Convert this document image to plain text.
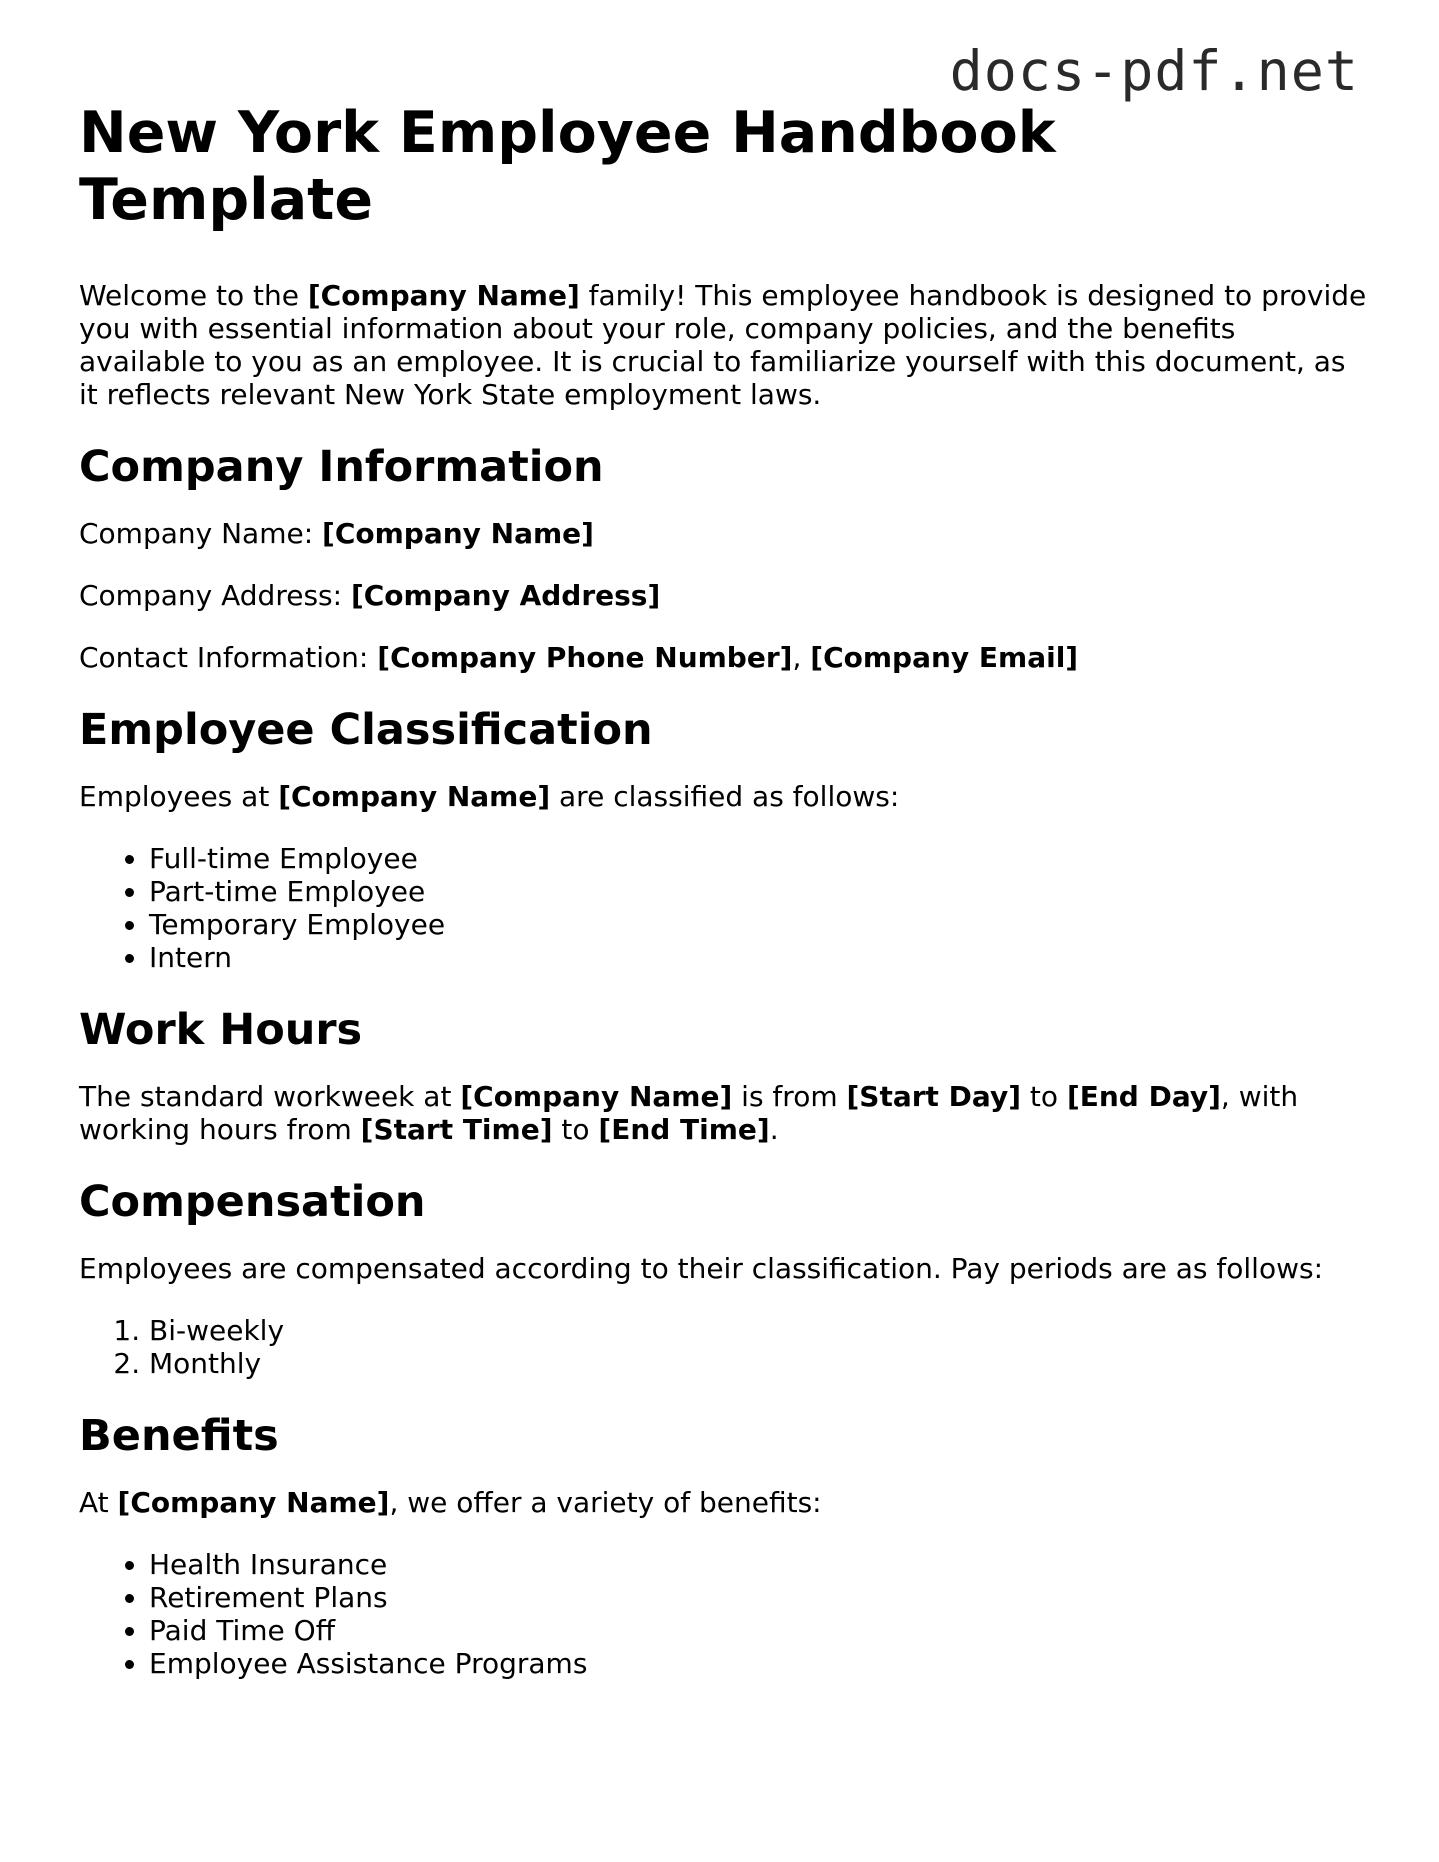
docs-pdf.net
New York Employee Handbook Template

Welcome to the [Company Name] family! This employee handbook is designed to provide you with essential information about your role, company policies, and the benefits available to you as an employee. It is crucial to familiarize yourself with this document, as it reflects relevant New York State employment laws.

Company Information

Company Name: [Company Name]

Company Address: [Company Address]

Contact Information: [Company Phone Number], [Company Email]

Employee Classification

Employees at [Company Name] are classified as follows:

• Full-time Employee
• Part-time Employee
• Temporary Employee
• Intern
Work Hours

The standard workweek at [Company Name] is from [Start Day] to [End Day], with working hours from [Start Time] to [End Time].

Compensation

Employees are compensated according to their classification. Pay periods are as follows:

1. Bi-weekly
2. Monthly
Benefits

At [Company Name], we offer a variety of benefits:

• Health Insurance
• Retirement Plans
• Paid Time Off
• Employee Assistance Programs
